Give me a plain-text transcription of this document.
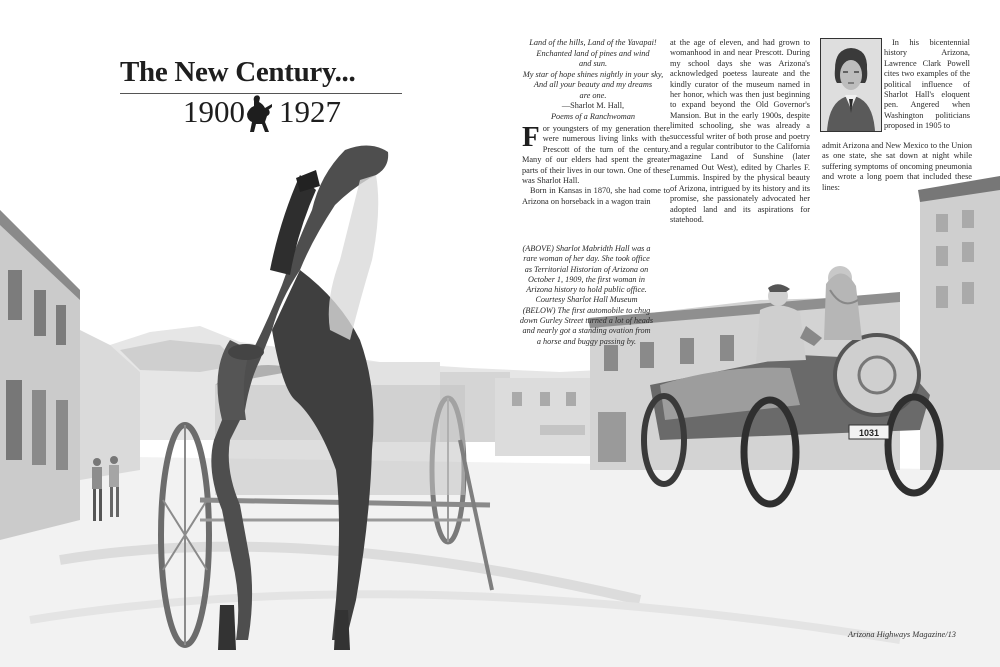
1031
The New Century...
1900 1927
Land of the hills, Land of the Yavapai!
Enchanted land of pines and wind
and sun.
My star of hope shines nightly in your sky,
And all your beauty and my dreams
are one.
—Sharlot M. Hall,
Poems of a Ranchwoman

For youngsters of my generation there were numerous living links with the Prescott of the turn of the century. Many of our elders had spent the greater parts of their lives in our town. One of these was Sharlot Hall.

Born in Kansas in 1870, she had come to Arizona on horseback in a wagon train

at the age of eleven, and had grown to womanhood in and near Prescott. During my school days she was Arizona's acknowledged poetess laureate and the kindly curator of the museum named in her honor, which was then just beginning to expand beyond the Old Governor's Mansion. But in the early 1900s, despite limited schooling, she was already a successful writer of both prose and poetry and a regular contributor to the California magazine Land of Sunshine (later renamed Out West), edited by Charles F. Lummis. Inspired by the physical beauty of Arizona, intrigued by its history and its promise, she passionately advocated her adopted land and its aspirations for statehood.

In his bicentennial history Arizona, Lawrence Clark Powell cites two examples of the political influence of Sharlot Hall's eloquent pen. Angered when Washington politicians proposed in 1905 to

admit Arizona and New Mexico to the Union as one state, she sat down at night while suffering symptoms of oncoming pneumonia and wrote a long poem that included these lines:

(ABOVE) Sharlot Mabridth Hall was a
rare woman of her day. She took office
as Territorial Historian of Arizona on
October 1, 1909, the first woman in
Arizona history to hold public office.
Courtesy Sharlot Hall Museum
(BELOW) The first automobile to chug
down Gurley Street turned a lot of heads
and nearly got a standing ovation from
a horse and buggy passing by.
Arizona Highways Magazine/13
